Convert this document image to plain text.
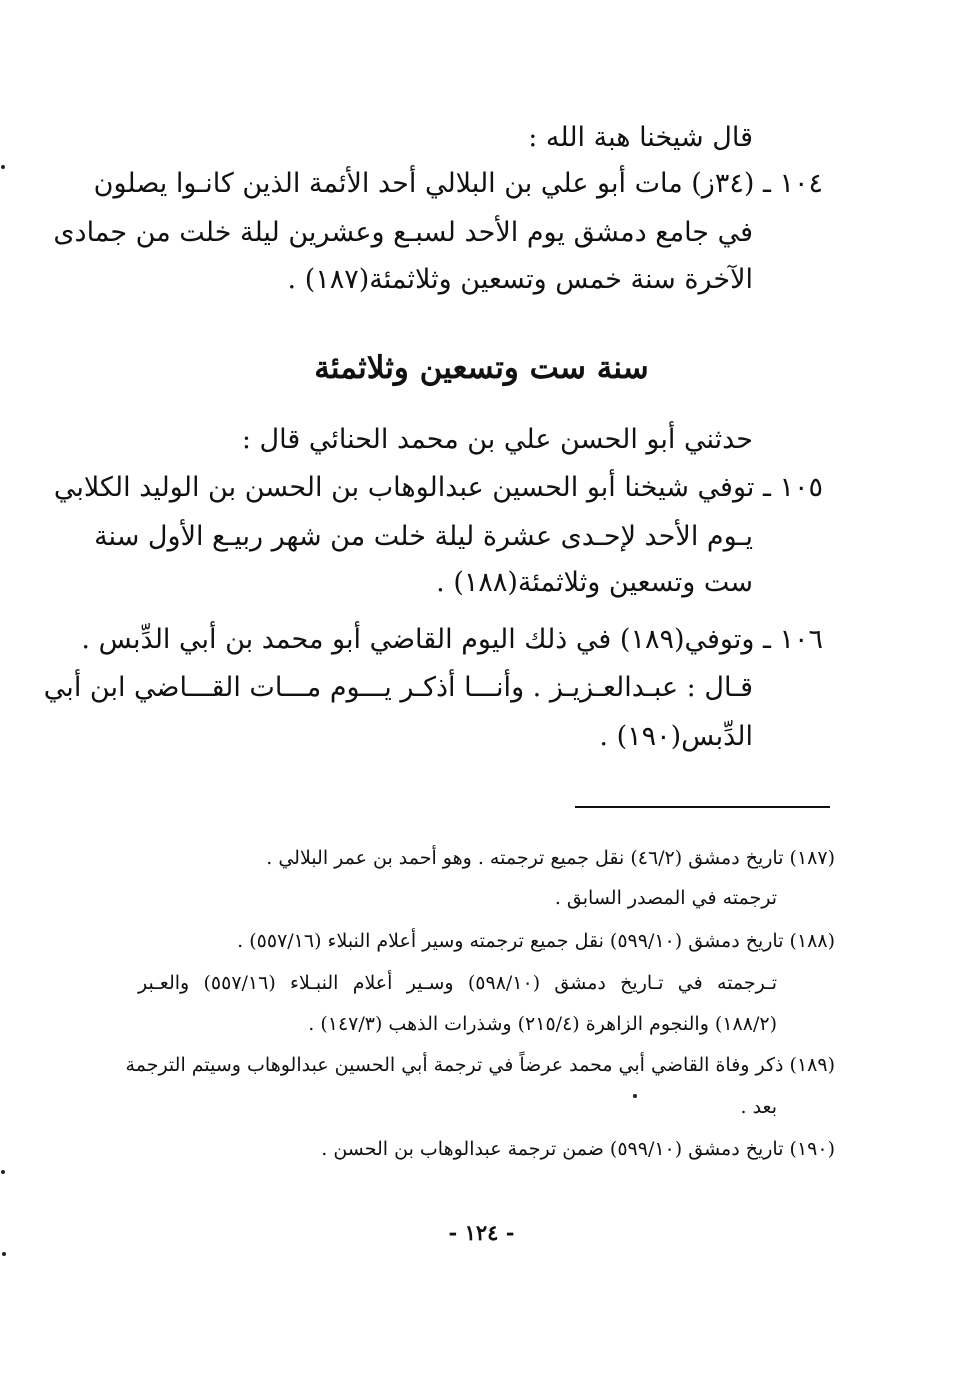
قال شيخنا هبة الله :
١٠٤ ـ (٣٤ز) مات أبو علي بن البلالي أحد الأئمة الذين كانـوا يصلون
في جامع دمشق يوم الأحد لسبـع وعشرين ليلة خلت من جمادى
الآخرة سنة خمس وتسعين وثلاثمئة(١٨٧) .
سنة ست وتسعين وثلاثمئة
حدثني أبو الحسن علي بن محمد الحنائي قال :
١٠٥ ـ توفي شيخنا أبو الحسين عبدالوهاب بن الحسن بن الوليد الكلابي
يـوم الأحد لإحـدى عشرة ليلة خلت من شهر ربيـع الأول سنة
ست وتسعين وثلاثمئة(١٨٨) .
١٠٦ ـ وتوفي(١٨٩) في ذلك اليوم القاضي أبو محمد بن أبي الدِّبس .
قـال : عبـدالعـزيـز . وأنـــا أذكـر يـــوم مـــات القـــاضي ابن أبي
الدِّبس(١٩٠) .
(١٨٧) تاريخ دمشق (٤٦/٢) نقل جميع ترجمته . وهو أحمد بن عمر البلالي .
ترجمته في المصدر السابق .
(١٨٨) تاريخ دمشق (٥٩٩/١٠) نقل جميع ترجمته وسير أعلام النبلاء (٥٥٧/١٦) .
تـرجمته في تـاريخ دمشق (٥٩٨/١٠) وسـير أعلام النبـلاء (٥٥٧/١٦) والعـبر
(١٨٨/٢) والنجوم الزاهرة (٢١٥/٤) وشذرات الذهب (١٤٧/٣) .
(١٨٩) ذكر وفاة القاضي أبي محمد عرضاً في ترجمة أبي الحسين عبدالوهاب وسيتم الترجمة
بعد .
(١٩٠) تاريخ دمشق (٥٩٩/١٠) ضمن ترجمة عبدالوهاب بن الحسن .
- ١٢٤ -
